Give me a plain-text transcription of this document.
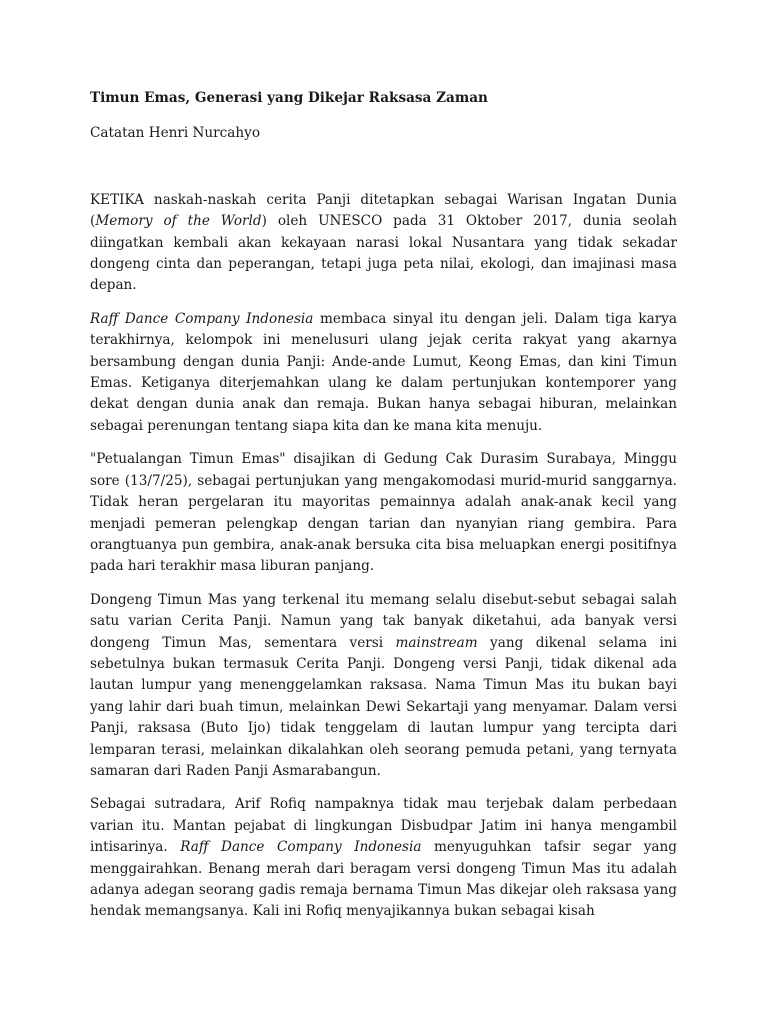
Timun Emas, Generasi yang Dikejar Raksasa Zaman

Catatan Henri Nurcahyo

KETIKA naskah-naskah cerita Panji ditetapkan sebagai Warisan Ingatan Dunia (Memory of the World) oleh UNESCO pada 31 Oktober 2017, dunia seolah diingatkan kembali akan kekayaan narasi lokal Nusantara yang tidak sekadar dongeng cinta dan peperangan, tetapi juga peta nilai, ekologi, dan imajinasi masa depan.

Raff Dance Company Indonesia membaca sinyal itu dengan jeli. Dalam tiga karya terakhirnya, kelompok ini menelusuri ulang jejak cerita rakyat yang akarnya bersambung dengan dunia Panji: Ande-ande Lumut, Keong Emas, dan kini Timun Emas. Ketiganya diterjemahkan ulang ke dalam pertunjukan kontemporer yang dekat dengan dunia anak dan remaja. Bukan hanya sebagai hiburan, melainkan sebagai perenungan tentang siapa kita dan ke mana kita menuju.

"Petualangan Timun Emas" disajikan di Gedung Cak Durasim Surabaya, Minggu sore (13/7/25), sebagai pertunjukan yang mengakomodasi murid-murid sanggarnya. Tidak heran pergelaran itu mayoritas pemainnya adalah anak-anak kecil yang menjadi pemeran pelengkap dengan tarian dan nyanyian riang gembira. Para orangtuanya pun gembira, anak-anak bersuka cita bisa meluapkan energi positifnya pada hari terakhir masa liburan panjang.

Dongeng Timun Mas yang terkenal itu memang selalu disebut-sebut sebagai salah satu varian Cerita Panji. Namun yang tak banyak diketahui, ada banyak versi dongeng Timun Mas, sementara versi mainstream yang dikenal selama ini sebetulnya bukan termasuk Cerita Panji. Dongeng versi Panji, tidak dikenal ada lautan lumpur yang menenggelamkan raksasa. Nama Timun Mas itu bukan bayi yang lahir dari buah timun, melainkan Dewi Sekartaji yang menyamar. Dalam versi Panji, raksasa (Buto Ijo) tidak tenggelam di lautan lumpur yang tercipta dari lemparan terasi, melainkan dikalahkan oleh seorang pemuda petani, yang ternyata samaran dari Raden Panji Asmarabangun.

Sebagai sutradara, Arif Rofiq nampaknya tidak mau terjebak dalam perbedaan varian itu. Mantan pejabat di lingkungan Disbudpar Jatim ini hanya mengambil intisarinya. Raff Dance Company Indonesia menyuguhkan tafsir segar yang menggairahkan. Benang merah dari beragam versi dongeng Timun Mas itu adalah adanya adegan seorang gadis remaja bernama Timun Mas dikejar oleh raksasa yang hendak memangsanya. Kali ini Rofiq menyajikannya bukan sebagai kisah
